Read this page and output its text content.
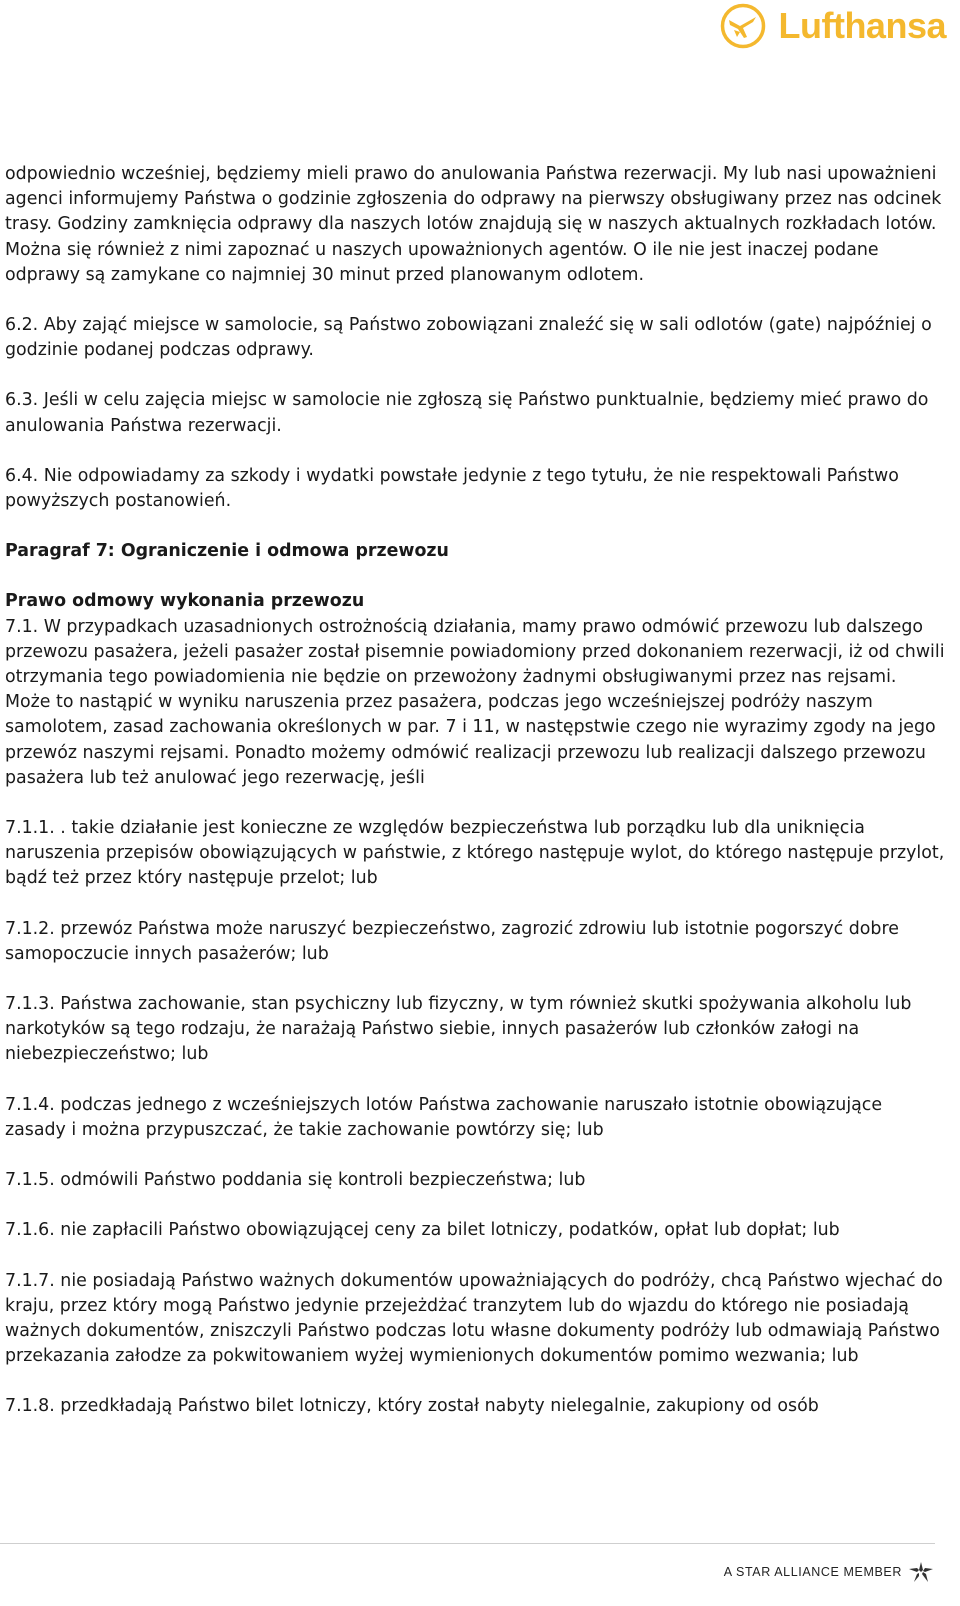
Lufthansa

odpowiednio wcześniej, będziemy mieli prawo do anulowania Państwa rezerwacji. My lub nasi upoważnieni agenci informujemy Państwa o godzinie zgłoszenia do odprawy na pierwszy obsługiwany przez nas odcinek trasy. Godziny zamknięcia odprawy dla naszych lotów znajdują się w naszych aktualnych rozkładach lotów. Można się również z nimi zapoznać u naszych upoważnionych agentów. O ile nie jest inaczej podane odprawy są zamykane co najmniej 30 minut przed planowanym odlotem.

6.2. Aby zająć miejsce w samolocie, są Państwo zobowiązani znaleźć się w sali odlotów (gate) najpóźniej o godzinie podanej podczas odprawy.

6.3. Jeśli w celu zajęcia miejsc w samolocie nie zgłoszą się Państwo punktualnie, będziemy mieć prawo do anulowania Państwa rezerwacji.

6.4. Nie odpowiadamy za szkody i wydatki powstałe jedynie z tego tytułu, że nie respektowali Państwo powyższych postanowień.

Paragraf 7: Ograniczenie i odmowa przewozu
Prawo odmowy wykonania przewozu

7.1. W przypadkach uzasadnionych ostrożnością działania, mamy prawo odmówić przewozu lub dalszego przewozu pasażera, jeżeli pasażer został pisemnie powiadomiony przed dokonaniem rezerwacji, iż od chwili otrzymania tego powiadomienia nie będzie on przewożony żadnymi obsługiwanymi przez nas rejsami. Może to nastąpić w wyniku naruszenia przez pasażera, podczas jego wcześniejszej podróży naszym samolotem, zasad zachowania określonych w par. 7 i 11, w następstwie czego nie wyrazimy zgody na jego przewóz naszymi rejsami. Ponadto możemy odmówić realizacji przewozu lub realizacji dalszego przewozu pasażera lub też anulować jego rezerwację, jeśli

7.1.1. . takie działanie jest konieczne ze względów bezpieczeństwa lub porządku lub dla uniknięcia naruszenia przepisów obowiązujących w państwie, z którego następuje wylot, do którego następuje przylot, bądź też przez który następuje przelot; lub

7.1.2. przewóz Państwa może naruszyć bezpieczeństwo, zagrozić zdrowiu lub istotnie pogorszyć dobre samopoczucie innych pasażerów; lub

7.1.3. Państwa zachowanie, stan psychiczny lub fizyczny, w tym również skutki spożywania alkoholu lub narkotyków są tego rodzaju, że narażają Państwo siebie, innych pasażerów lub członków załogi na niebezpieczeństwo; lub

7.1.4. podczas jednego z wcześniejszych lotów Państwa zachowanie naruszało istotnie obowiązujące zasady i można przypuszczać, że takie zachowanie powtórzy się; lub

7.1.5. odmówili Państwo poddania się kontroli bezpieczeństwa; lub

7.1.6. nie zapłacili Państwo obowiązującej ceny za bilet lotniczy, podatków, opłat lub dopłat; lub

7.1.7. nie posiadają Państwo ważnych dokumentów upoważniających do podróży, chcą Państwo wjechać do kraju, przez który mogą Państwo jedynie przejeżdżać tranzytem lub do wjazdu do którego nie posiadają ważnych dokumentów, zniszczyli Państwo podczas lotu własne dokumenty podróży lub odmawiają Państwo przekazania załodze za pokwitowaniem wyżej wymienionych dokumentów pomimo wezwania; lub

7.1.8. przedkładają Państwo bilet lotniczy, który został nabyty nielegalnie, zakupiony od osób

A STAR ALLIANCE MEMBER
